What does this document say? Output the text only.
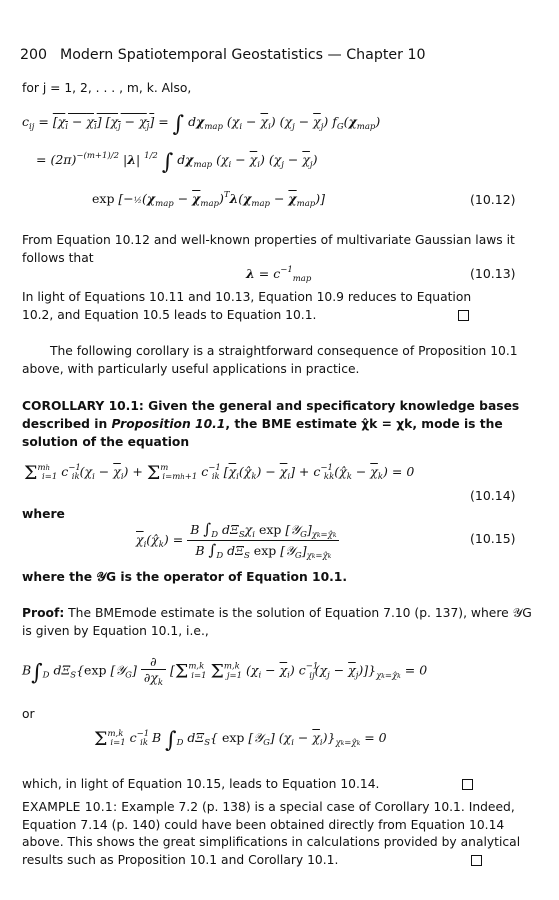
200 Modern Spatiotemporal Geostatistics — Chapter 10
for j = 1, 2, . . . , m, k. Also,
$c_{ij} = [\chi_i - \chi_i] [\chi_j - \chi_j]$ = ∫ $d\chi_{map}$ $(\chi_i - \overline{\chi}_i) (\chi_j - \overline{\chi}_j)$ $f_G(\chi_{map})$
= $(2\pi)^{-(m+1)/2}$ |λ| $^{1/2}$ ∫ $d\chi_{map}$ $(\chi_i - \overline{\chi}_i) (\chi_j - \overline{\chi}_j)$
$\exp [-\frac{1}{2}(\chi_{map} - \overline{\chi}_{map})^T\lambda(\chi_{map} - \overline{\chi}_{map})]$	(10.12)
From Equation 10.12 and well-known properties of multivariate Gaussian laws it follows that
$\lambda = c^{-1}_{map}$	(10.13)
In light of Equations 10.11 and 10.13, Equation 10.9 reduces to Equation 10.2, and Equation 10.5 leads to Equation 10.1.
The following corollary is a straightforward consequence of Proposition 10.1 above, with particularly useful applications in practice.
COROLLARY 10.1: Given the general and specificatory knowledge bases described in Proposition 10.1, the BME estimate χ̂k = χk, mode is the solution of the equation
$\Sigma^{mh}_{i=1}$ $c^{-1}_{ik}(\chi_i - \overline{\chi}_i) + \Sigma^m_{i=mh+1}$ $c^{-1}_{ik}$ $[\overline{\chi}_i(\chî_k) - \overline{\chi}_i]$ + $c^{-1}_{kk}(\chî_k - \overline{\chi}_k) = 0$
(10.14)
where
$\overline{\chi}_i(\chî_k) = \frac{B \int_D d\Xi_S\chi_i \exp [𝒴_G]_{\chi k=\chîk}}{B \int_D d\Xi_S \exp [𝒴_G]_{\chi k=\chîk}}$	(10.15)
where the 𝒴G is the operator of Equation 10.1.
Proof: The BMEmode estimate is the solution of Equation 7.10 (p. 137), where 𝒴G is given by Equation 10.1, i.e.,
$B\int_D$ $d\Xi_S\{\exp$ [𝒴$_G$] $\frac{\partial}{\partial\chi_k} [\Sigma^{m,k}_{i=1}$ Σ$^{m,k}_{j=1}$ $(\chi_i - \overline{\chi}_i) c^{-1}_{ij}(\chi_j - \overline{\chi}_j)]\}_{\chi k=\chîk} = 0$
or
Σ$^{m,k}_{i=1}$ $c^{-1}_{ik}$ B $\int_D$ $d\Xi_S${ exp [𝒴$_G$] $(\chi_i - \overline{\chi}_i)\}_{\chi k=\chîk} = 0$
which, in light of Equation 10.15, leads to Equation 10.14.
EXAMPLE 10.1: Example 7.2 (p. 138) is a special case of Corollary 10.1. Indeed, Equation 7.14 (p. 140) could have been obtained directly from Equation 10.14 above. This shows the great simplifications in calculations provided by analytical results such as Proposition 10.1 and Corollary 10.1.
